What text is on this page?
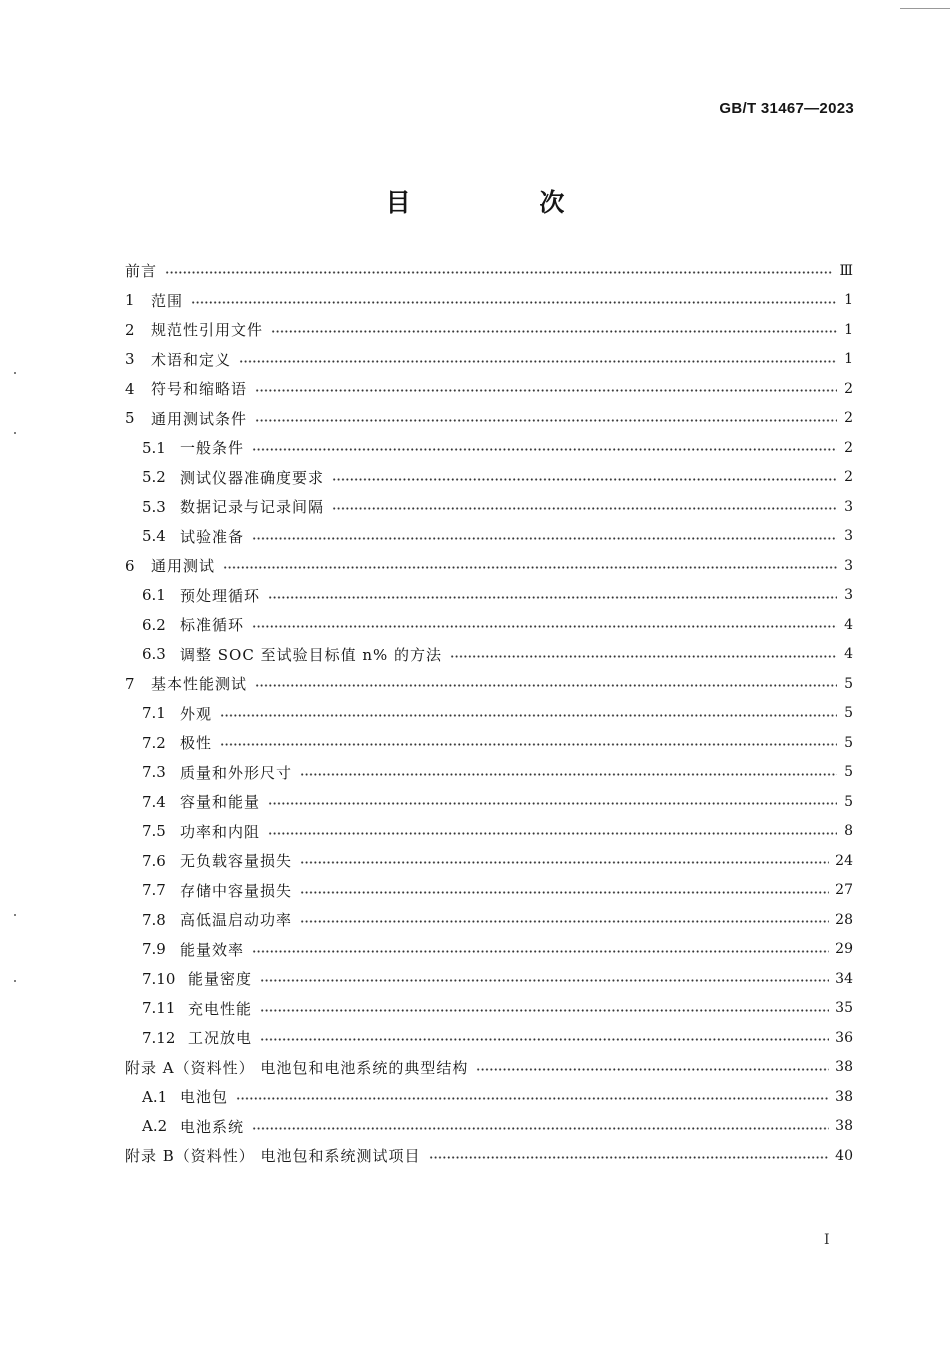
GB/T 31467—2023
目 次
前言	Ⅲ
1	范围	1
2	规范性引用文件	1
3	术语和定义	1
4	符号和缩略语	2
5	通用测试条件	2
5.1 一般条件	2
5.2 测试仪器准确度要求	2
5.3 数据记录与记录间隔	3
5.4 试验准备	3
6	通用测试	3
6.1 预处理循环	3
6.2 标准循环	4
6.3 调整 SOC 至试验目标值 n% 的方法	4
7	基本性能测试	5
7.1 外观	5
7.2 极性	5
7.3 质量和外形尺寸	5
7.4 容量和能量	5
7.5 功率和内阻	8
7.6 无负载容量损失	24
7.7 存储中容量损失	27
7.8 高低温启动功率	28
7.9 能量效率	29
7.10 能量密度	34
7.11 充电性能	35
7.12 工况放电	36
附录 A（资料性） 电池包和电池系统的典型结构	38
A.1 电池包	38
A.2 电池系统	38
附录 B（资料性） 电池包和系统测试项目	40
I
